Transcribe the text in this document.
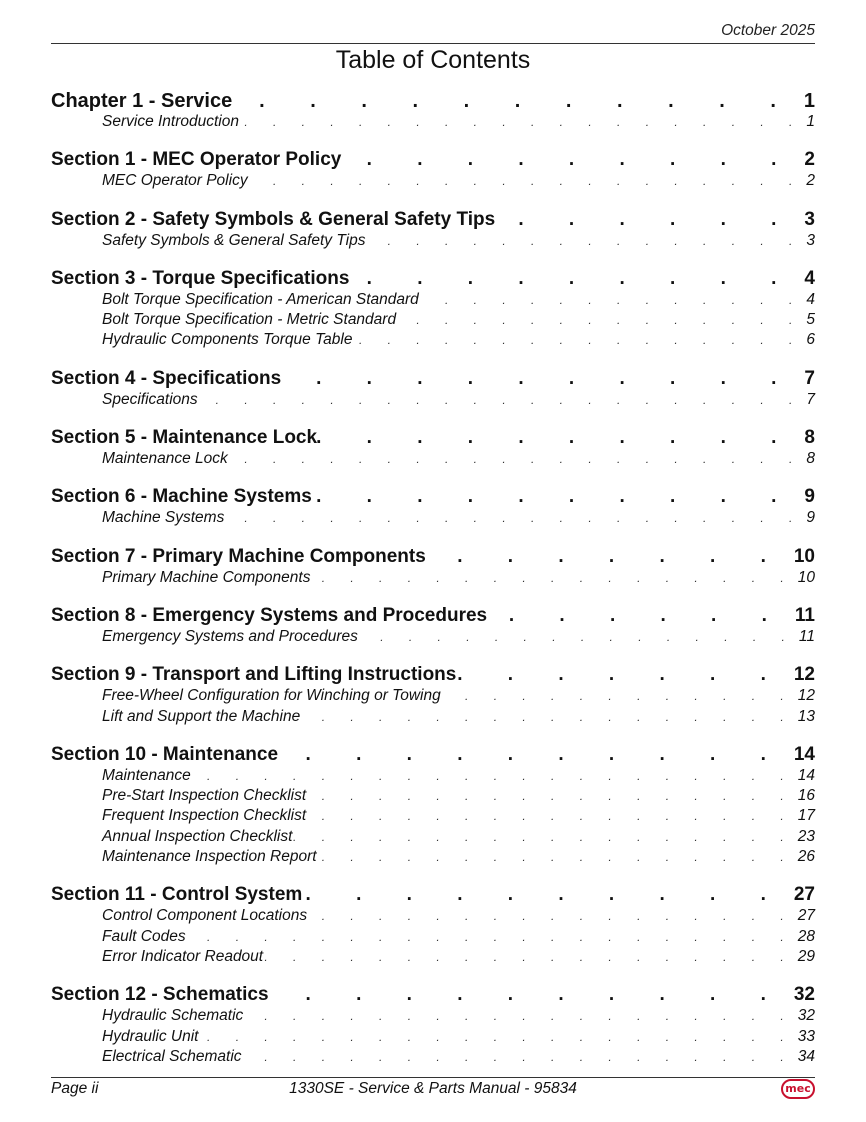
October 2025
Table of Contents
Chapter 1 - Service . . .	1
Service Introduction . . .	1
Section 1 - MEC Operator Policy . . .	2
MEC Operator Policy . . .	2
Section 2 - Safety Symbols & General Safety Tips . . .	3
Safety Symbols & General Safety Tips . . .	3
Section 3 - Torque Specifications . . .	4
Bolt Torque Specification - American Standard . . .	4
Bolt Torque Specification - Metric Standard . . .	5
Hydraulic Components Torque Table . . .	6
Section 4 - Specifications . . .	7
Specifications . . .	7
Section 5 - Maintenance Lock . . .	8
Maintenance Lock . . .	8
Section 6 - Machine Systems . . .	9
Machine Systems . . .	9
Section 7 - Primary Machine Components . . .	10
Primary Machine Components . . .	10
Section 8 - Emergency Systems and Procedures . . .	11
Emergency Systems and Procedures . . .	11
Section 9 - Transport and Lifting Instructions . . .	12
Free-Wheel Configuration for Winching or Towing . . .	12
Lift and Support the Machine . . .	13
Section 10 - Maintenance . . .	14
Maintenance . . .	14
Pre-Start Inspection Checklist . . .	16
Frequent Inspection Checklist . . .	17
Annual Inspection Checklist . . .	23
Maintenance Inspection Report . . .	26
Section 11 - Control System . . .	27
Control Component Locations . . .	27
Fault Codes . . .	28
Error Indicator Readout . . .	29
Section 12 - Schematics . . .	32
Hydraulic Schematic . . .	32
Hydraulic Unit . . .	33
Electrical Schematic . . .	34
Page ii	1330SE - Service & Parts Manual - 95834	mec
